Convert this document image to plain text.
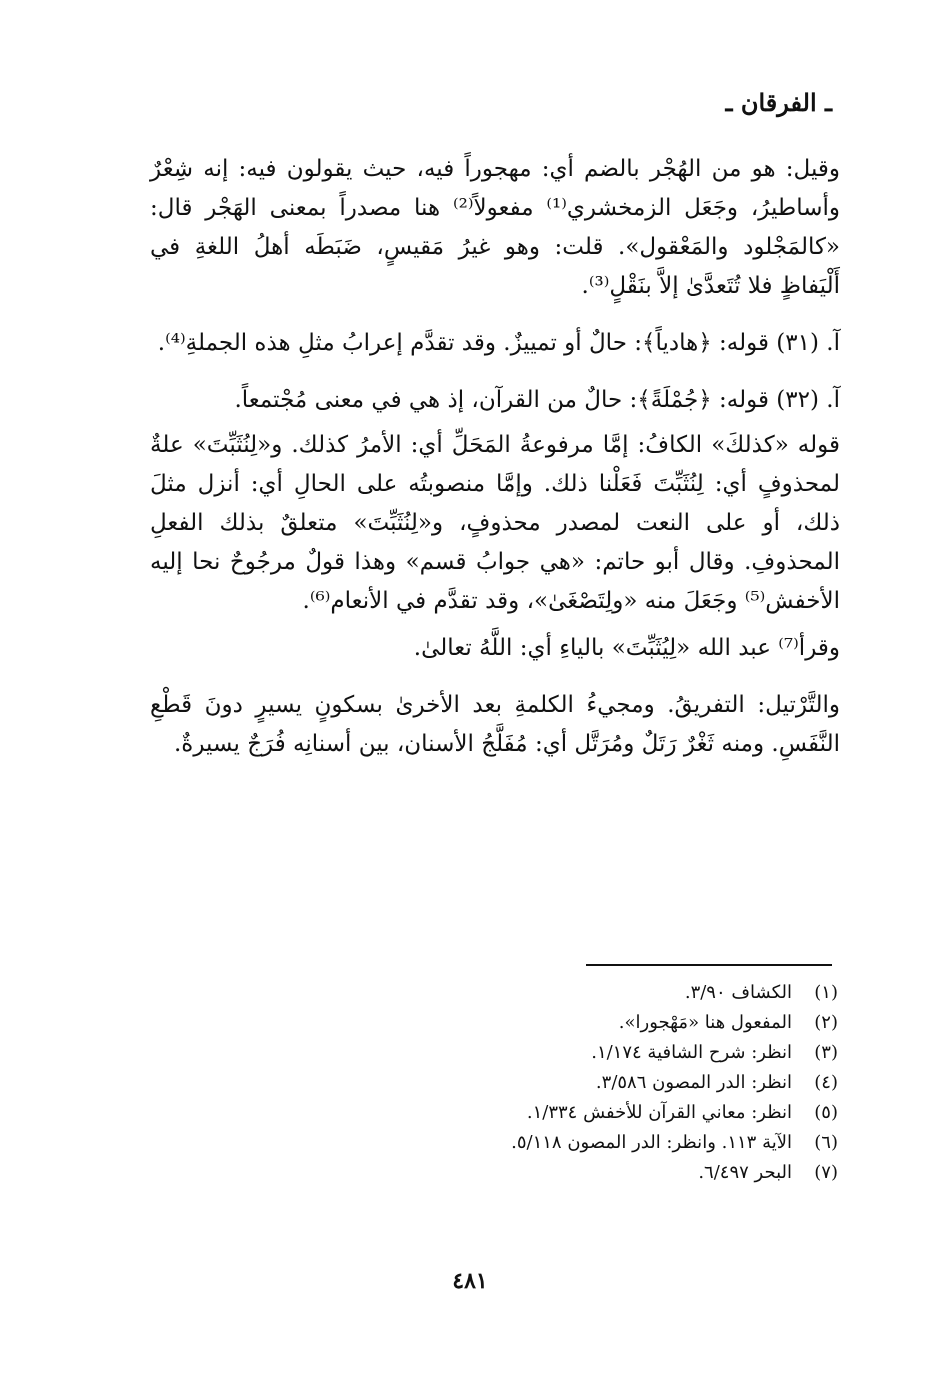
ـ الفرقان ـ

وقيل: هو من الهُجْر بالضم أي: مهجوراً فيه، حيث يقولون فيه: إنه شِعْرٌ وأساطيرُ، وجَعَل الزمخشري⁽¹⁾ مفعولاً⁽²⁾ هنا مصدراً بمعنى الهَجْر قال: «كالمَجْلود والمَعْقول». قلت: وهو غيرُ مَقيسٍ، ضَبَطَه أهلُ اللغةِ في أَلْيَفاظٍ فلا تُتَعدَّىٰ إلاَّ بنَقْلٍ⁽³⁾.

آ. (٣١) قوله: ﴿هادياً﴾: حالٌ أو تمييزٌ. وقد تقدَّم إعرابُ مثلِ هذه الجملةِ⁽⁴⁾.

آ. (٣٢) قوله: ﴿جُمْلَةً﴾: حالٌ من القرآن، إذ هي في معنى مُجْتمعاً.

قوله «كذلكَ» الكافُ: إمَّا مرفوعةُ المَحَلِّ أي: الأمرُ كذلك. و«لِنُثَبِّتَ» علةٌ لمحذوفٍ أي: لِنُثَبِّتَ فَعَلْنا ذلك. وإمَّا منصوبتُه على الحالِ أي: أنزل مثلَ ذلك، أو على النعت لمصدر محذوفٍ، و«لِنُثَبِّتَ» متعلقٌ بذلك الفعلِ المحذوفِ. وقال أبو حاتم: «هي جوابُ قسم» وهذا قولٌ مرجُوحٌ نحا إليه الأخفش⁽⁵⁾ وجَعَلَ منه «ولِتَصْغَىٰ»، وقد تقدَّم في الأنعام⁽⁶⁾.

وقرأ⁽⁷⁾ عبد الله «لِيُثَبِّتَ» بالياءِ أي: اللَّهُ تعالىٰ.

والتَّرْتيل: التفريقُ. ومجيءُ الكلمةِ بعد الأخرىٰ بسكونٍ يسيرٍ دونَ قَطْعِ النَّفَسِ. ومنه ثَغْرٌ رَتَلٌ ومُرَتَّل أي: مُفَلَّجُ الأسنان، بين أسنانِه فُرَجٌ يسيرةٌ.

(١)
الكشاف ٣/٩٠.
(٢)
المفعول هنا «مَهْجورا».
(٣)
انظر: شرح الشافية ١/١٧٤.
(٤)
انظر: الدر المصون ٣/٥٨٦.
(٥)
انظر: معاني القرآن للأخفش ١/٣٣٤.
(٦)
الآية ١١٣. وانظر: الدر المصون ٥/١١٨.
(٧)
البحر ٦/٤٩٧.
٤٨١
